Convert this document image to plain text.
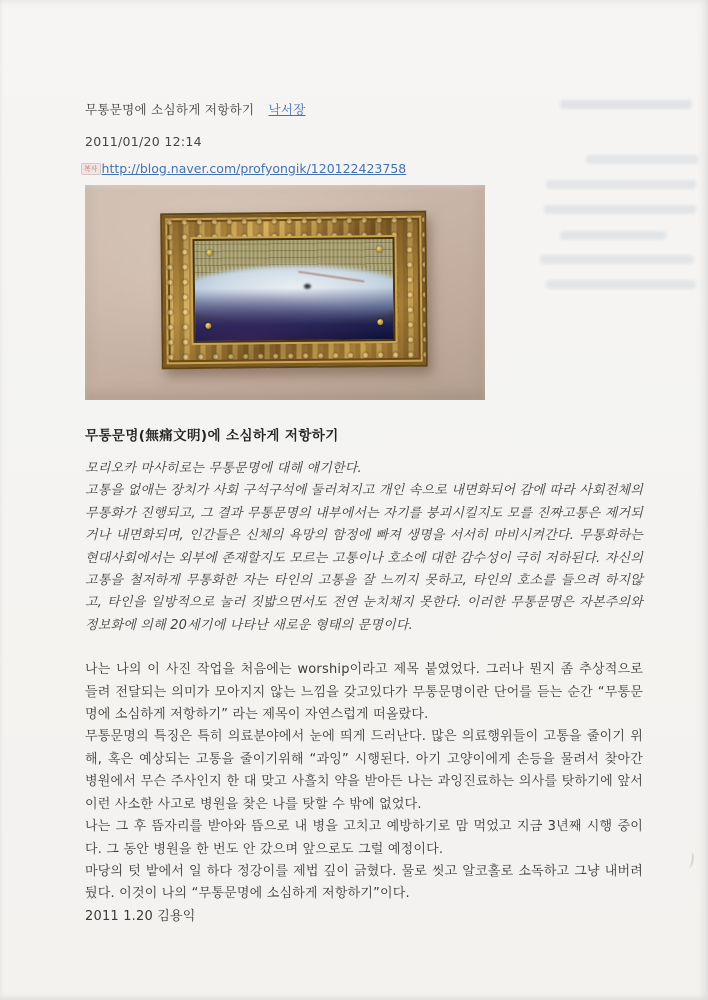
무통문명에 소심하게 저항하기 낙서장
2011/01/20 12:14
복사 http://blog.naver.com/profyongik/120122423758
무통문명(無痛文明)에 소심하게 저항하기

모리오카 마사히로는 무통문명에 대해 얘기한다.

고통을 없애는 장치가 사회 구석구석에 둘러쳐지고 개인 속으로 내면화되어 감에 따라 사회전체의 무통화가 진행되고, 그 결과 무통문명의 내부에서는 자기를 붕괴시킬지도 모를 진짜고통은 제거되거나 내면화되며, 인간들은 신체의 욕망의 함정에 빠져 생명을 서서히 마비시켜간다. 무통화하는 현대사회에서는 외부에 존재할지도 모르는 고통이나 호소에 대한 감수성이 극히 저하된다. 자신의 고통을 철저하게 무통화한 자는 타인의 고통을 잘 느끼지 못하고, 타인의 호소를 들으려 하지않고, 타인을 일방적으로 눌러 짓밟으면서도 전연 눈치채지 못한다. 이러한 무통문명은 자본주의와 정보화에 의해 20세기에 나타난 새로운 형태의 문명이다.

나는 나의 이 사진 작업을 처음에는 worship이라고 제목 붙였었다. 그러나 뭔지 좀 추상적으로 들려 전달되는 의미가 모아지지 않는 느낌을 갖고있다가 무통문명이란 단어를 듣는 순간 “무통문명에 소심하게 저항하기” 라는 제목이 자연스럽게 떠올랐다.

무통문명의 특징은 특히 의료분야에서 눈에 띄게 드러난다. 많은 의료행위들이 고통을 줄이기 위해, 혹은 예상되는 고통을 줄이기위해 “과잉” 시행된다. 아기 고양이에게 손등을 물려서 찾아간 병원에서 무슨 주사인지 한 대 맞고 사흘치 약을 받아든 나는 과잉진료하는 의사를 탓하기에 앞서 이런 사소한 사고로 병원을 찾은 나를 탓할 수 밖에 없었다.

나는 그 후 뜸자리를 받아와 뜸으로 내 병을 고치고 예방하기로 맘 먹었고 지금 3년째 시행 중이다. 그 동안 병원을 한 번도 안 갔으며 앞으로도 그럴 예정이다.

마당의 텃 밭에서 일 하다 정강이를 제법 깊이 긁혔다. 물로 씻고 알코홀로 소독하고 그냥 내버려뒀다. 이것이 나의 “무통문명에 소심하게 저항하기”이다.

2011 1.20 김용익
